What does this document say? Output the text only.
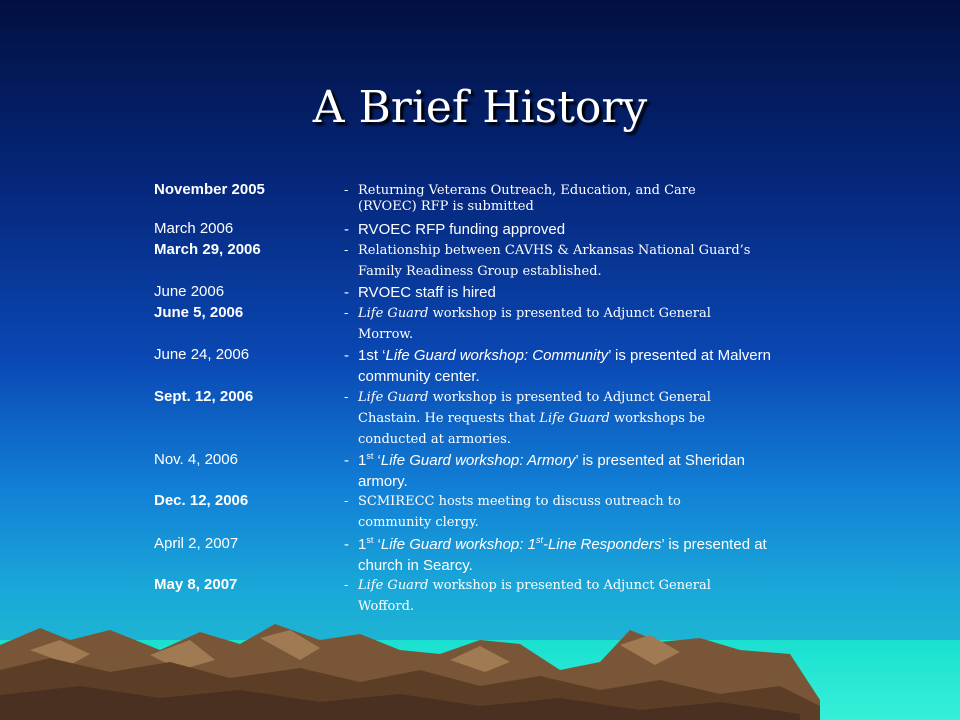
A Brief History
November 2005	- Returning Veterans Outreach, Education, and Care
(RVOEC) RFP is submitted
March 2006	- RVOEC RFP funding approved
March 29, 2006	- Relationship between CAVHS & Arkansas National Guard’s
Family Readiness Group established.
June 2006	- RVOEC staff is hired
June 5, 2006	- Life Guard workshop is presented to Adjunct General
Morrow.
June 24, 2006	- 1st ‘Life Guard workshop: Community’ is presented at Malvern
community center.
Sept. 12, 2006	- Life Guard workshop is presented to Adjunct General
Chastain. He requests that Life Guard workshops be
conducted at armories.
Nov. 4, 2006	- 1st ‘Life Guard workshop: Armory’ is presented at Sheridan
armory.
Dec. 12, 2006	- SCMIRECC hosts meeting to discuss outreach to
community clergy.
April 2, 2007	- 1st ‘Life Guard workshop: 1st-Line Responders’ is presented at
church in Searcy.
May 8, 2007	- Life Guard workshop is presented to Adjunct General
Wofford.
